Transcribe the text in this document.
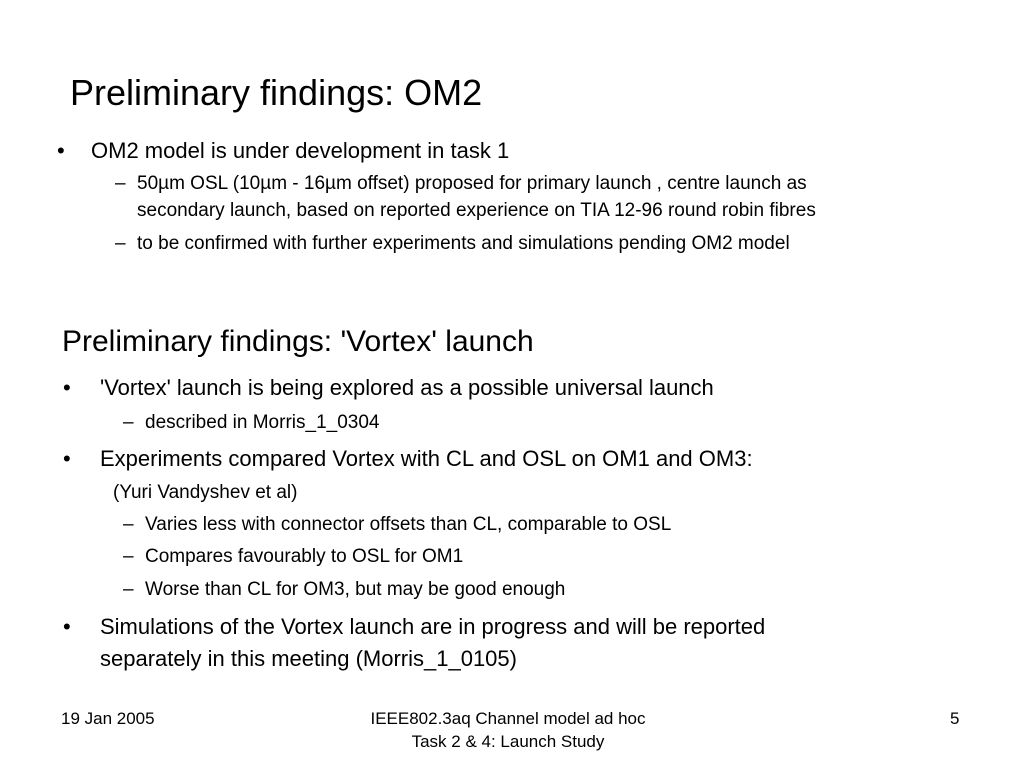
Preliminary findings: OM2
• OM2 model is under development in task 1
– 50µm OSL (10µm - 16µm offset) proposed for primary launch , centre launch as
secondary launch, based on reported experience on TIA 12-96 round robin fibres
– to be confirmed with further experiments and simulations pending OM2 model
Preliminary findings: 'Vortex' launch
• 'Vortex' launch is being explored as a possible universal launch
– described in Morris_1_0304
• Experiments compared Vortex with CL and OSL on OM1 and OM3:
(Yuri Vandyshev et al)
– Varies less with connector offsets than CL, comparable to OSL
– Compares favourably to OSL for OM1
– Worse than CL for OM3, but may be good enough
• Simulations of the Vortex launch are in progress and will be reported
separately in this meeting (Morris_1_0105)
19 Jan 2005	IEEE802.3aq Channel model ad hoc
Task 2 & 4: Launch Study
5
